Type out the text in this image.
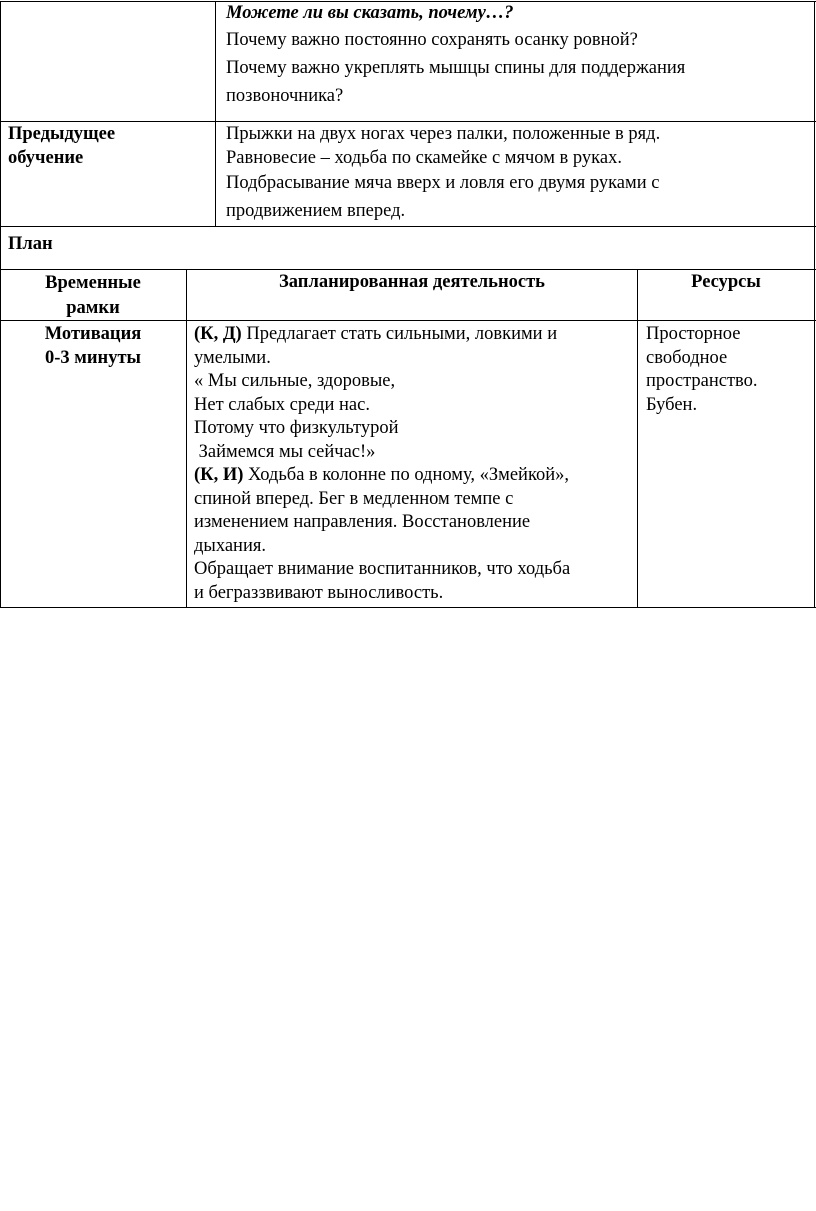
Можете ли вы сказать, почему…?
Почему важно постоянно сохранять осанку ровной?
Почему важно укреплять мышцы спины для поддержания
позвоночника?
Предыдущее
обучение
Прыжки на двух ногах через палки, положенные в ряд.
Равновесие – ходьба по скамейке с мячом в руках.
Подбрасывание мяча вверх и ловля его двумя руками с
продвижением вперед.
План
Временные
рамки
Запланированная деятельность	Ресурсы
Мотивация
0-3 минуты
(К, Д) Предлагает стать сильными, ловкими и
умелыми.
« Мы сильные, здоровые,
Нет слабых среди нас.
Потому что физкультурой
Займемся мы сейчас!»
(К, И) Ходьба в колонне по одному, «Змейкой»,
спиной вперед. Бег в медленном темпе с
изменением направления. Восстановление
дыхания.
Обращает внимание воспитанников, что ходьба
и беграззвивают выносливость.
Просторное
свободное
пространство.
Бубен.
